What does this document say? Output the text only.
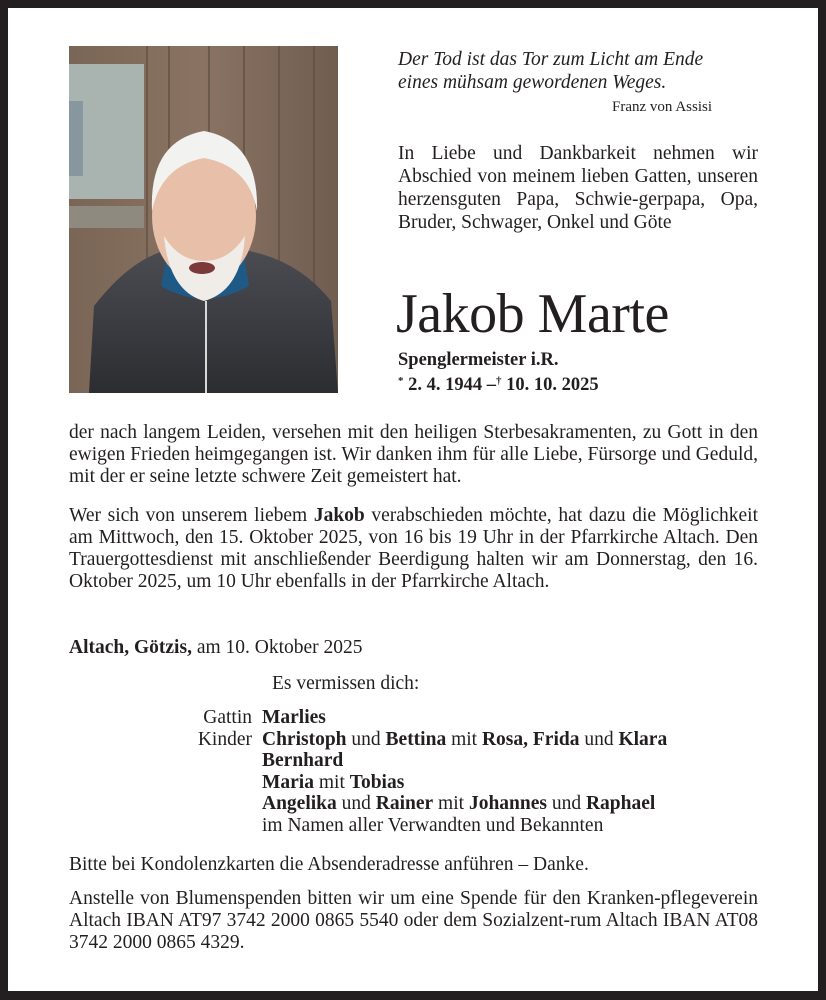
Der Tod ist das Tor zum Licht am Ende
eines mühsam gewordenen Weges.
Franz von Assisi
In Liebe und Dankbarkeit nehmen wir Abschied von meinem lieben Gatten, unseren herzensguten Papa, Schwie-gerpapa, Opa, Bruder, Schwager, Onkel und Göte
Jakob Marte
Spenglermeister i.R.
* 2. 4. 1944 –† 10. 10. 2025
der nach langem Leiden, versehen mit den heiligen Sterbesakramenten, zu Gott in den ewigen Frieden heimgegangen ist. Wir danken ihm für alle Liebe, Fürsorge und Geduld, mit der er seine letzte schwere Zeit gemeistert hat.
Wer sich von unserem liebem Jakob verabschieden möchte, hat dazu die Möglichkeit am Mittwoch, den 15. Oktober 2025, von 16 bis 19 Uhr in der Pfarrkirche Altach. Den Trauergottesdienst mit anschließender Beerdigung halten wir am Donnerstag, den 16. Oktober 2025, um 10 Uhr ebenfalls in der Pfarrkirche Altach.
Altach, Götzis, am 10. Oktober 2025
Es vermissen dich:
Gattin Marlies
Kinder Christoph und Bettina mit Rosa, Frida und Klara
Bernhard
Maria mit Tobias
Angelika und Rainer mit Johannes und Raphael
im Namen aller Verwandten und Bekannten
Bitte bei Kondolenzkarten die Absenderadresse anführen – Danke.
Anstelle von Blumenspenden bitten wir um eine Spende für den Kranken-pflegeverein Altach IBAN AT97 3742 2000 0865 5540 oder dem Sozialzent-rum Altach IBAN AT08 3742 2000 0865 4329.
